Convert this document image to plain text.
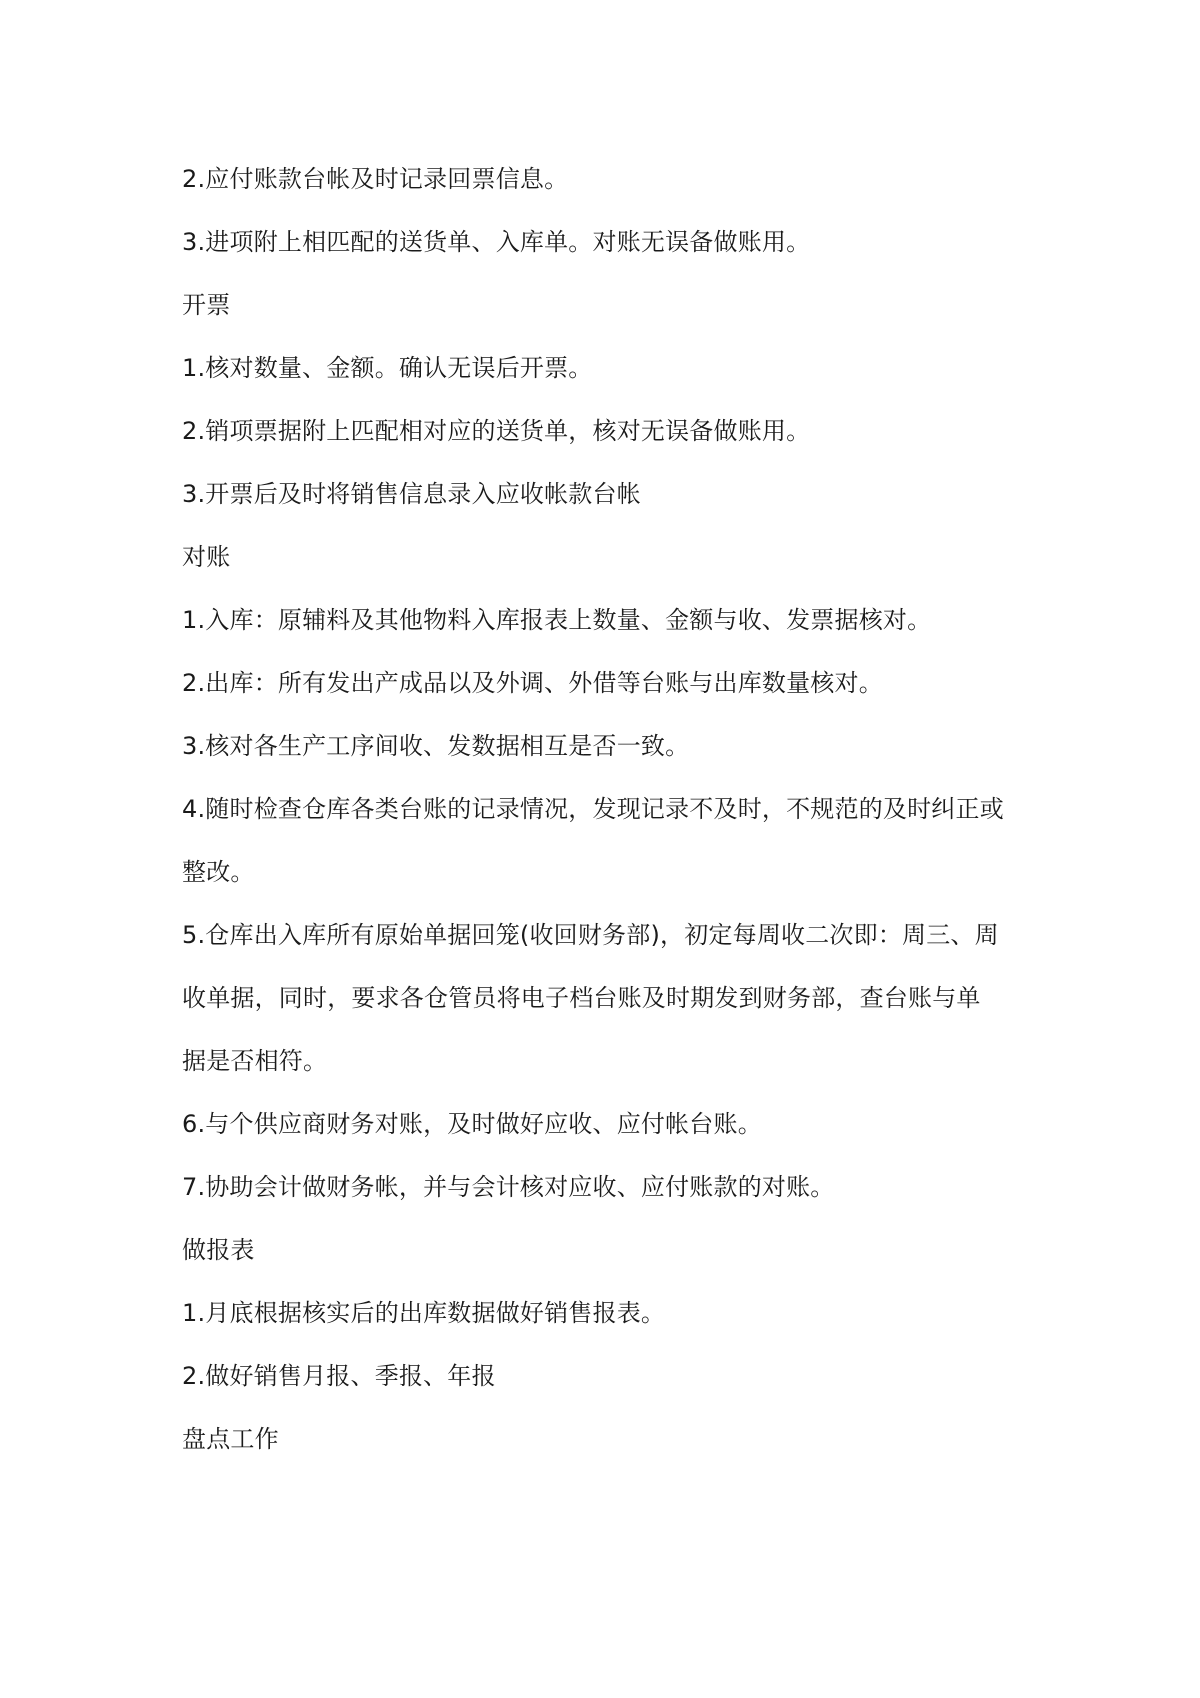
2.应付账款台帐及时记录回票信息。
3.进项附上相匹配的送货单、入库单。对账无误备做账用。
开票
1.核对数量、金额。确认无误后开票。
2.销项票据附上匹配相对应的送货单，核对无误备做账用。
3.开票后及时将销售信息录入应收帐款台帐
对账
1.入库：原辅料及其他物料入库报表上数量、金额与收、发票据核对。
2.出库：所有发出产成品以及外调、外借等台账与出库数量核对。
3.核对各生产工序间收、发数据相互是否一致。
4.随时检查仓库各类台账的记录情况，发现记录不及时，不规范的及时纠正或
整改。
5.仓库出入库所有原始单据回笼(收回财务部)，初定每周收二次即：周三、周
收单据，同时，要求各仓管员将电子档台账及时期发到财务部，查台账与单
据是否相符。
6.与个供应商财务对账，及时做好应收、应付帐台账。
7.协助会计做财务帐，并与会计核对应收、应付账款的对账。
做报表
1.月底根据核实后的出库数据做好销售报表。
2.做好销售月报、季报、年报
盘点工作
